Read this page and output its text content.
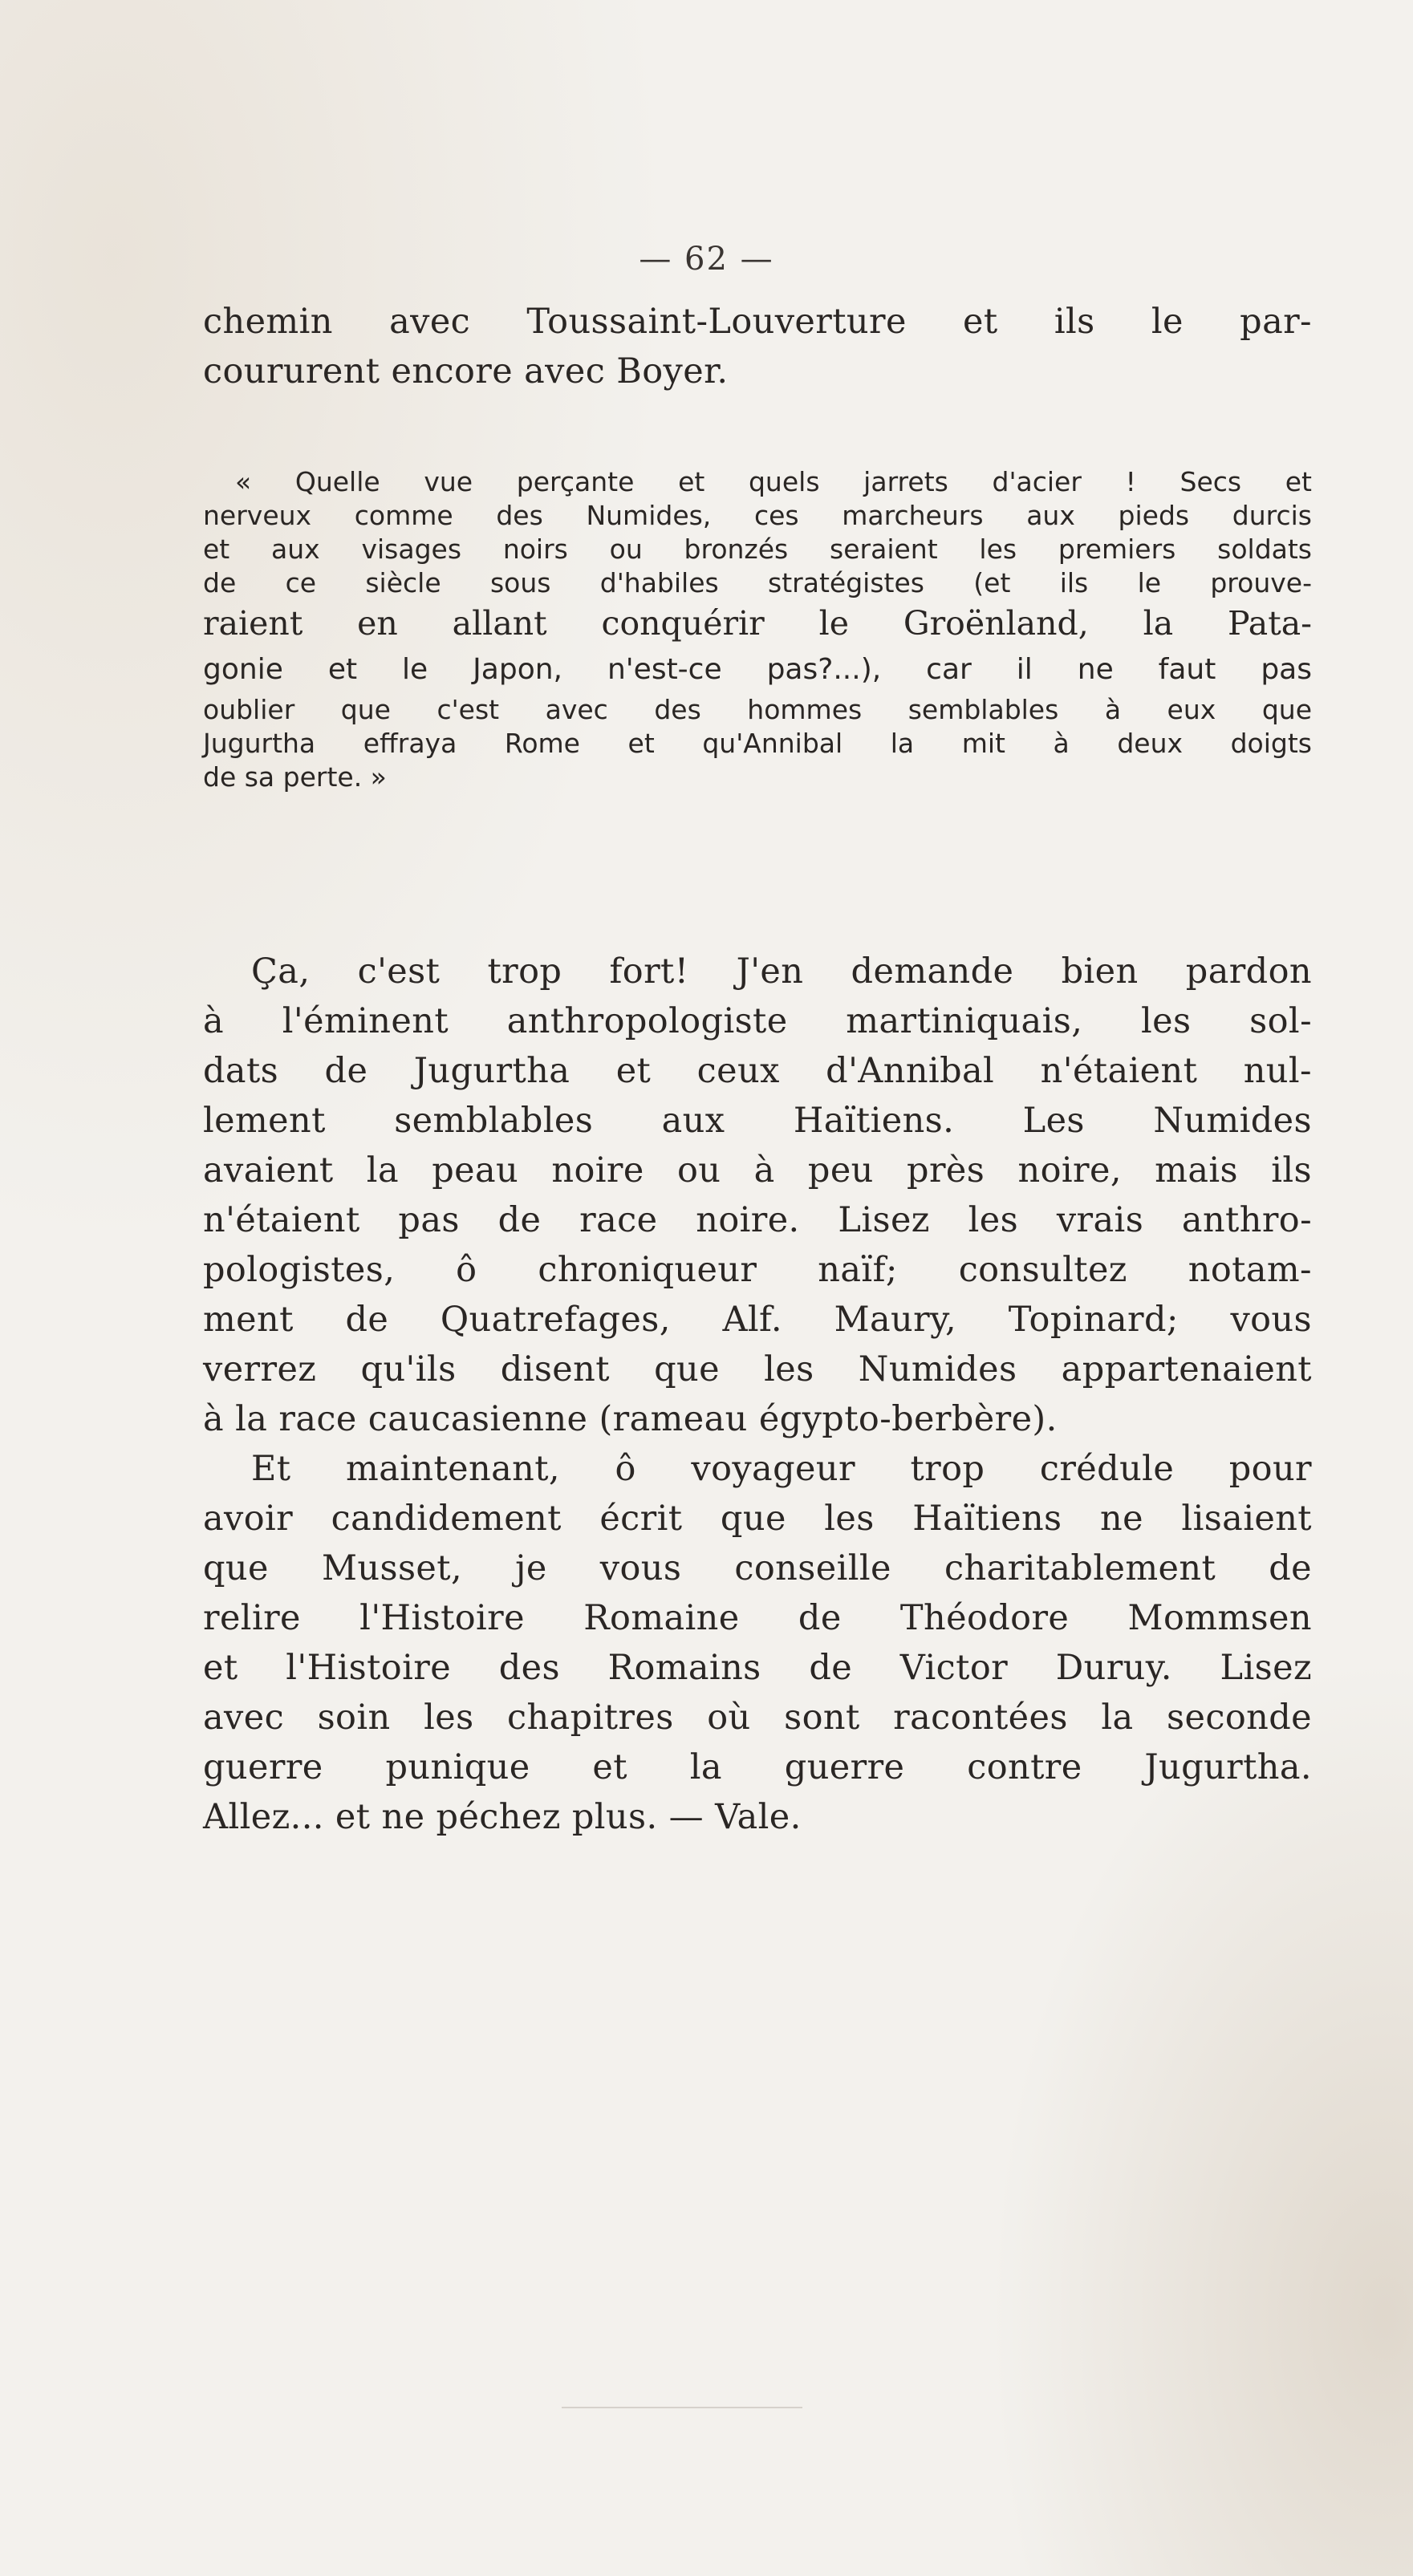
— 62 —
chemin avec Toussaint-Louverture et ils le par-
coururent encore avec Boyer.
« Quelle vue perçante et quels jarrets d'acier ! Secs et
nerveux comme des Numides, ces marcheurs aux pieds durcis
et aux visages noirs ou bronzés seraient les premiers soldats
de ce siècle sous d'habiles stratégistes (et ils le prouve-
raient en allant conquérir le Groënland, la Pata-
gonie et le Japon, n'est-ce pas?...), car il ne faut pas
oublier que c'est avec des hommes semblables à eux que
Jugurtha effraya Rome et qu'Annibal la mit à deux doigts
de sa perte. »
Ça, c'est trop fort! J'en demande bien pardon
à l'éminent anthropologiste martiniquais, les sol-
dats de Jugurtha et ceux d'Annibal n'étaient nul-
lement semblables aux Haïtiens. Les Numides
avaient la peau noire ou à peu près noire, mais ils
n'étaient pas de race noire. Lisez les vrais anthro-
pologistes, ô chroniqueur naïf; consultez notam-
ment de Quatrefages, Alf. Maury, Topinard; vous
verrez qu'ils disent que les Numides appartenaient
à la race caucasienne (rameau égypto-berbère).
Et maintenant, ô voyageur trop crédule pour
avoir candidement écrit que les Haïtiens ne lisaient
que Musset, je vous conseille charitablement de
relire l'Histoire Romaine de Théodore Mommsen
et l'Histoire des Romains de Victor Duruy. Lisez
avec soin les chapitres où sont racontées la seconde
guerre punique et la guerre contre Jugurtha.
Allez... et ne péchez plus. — Vale.
